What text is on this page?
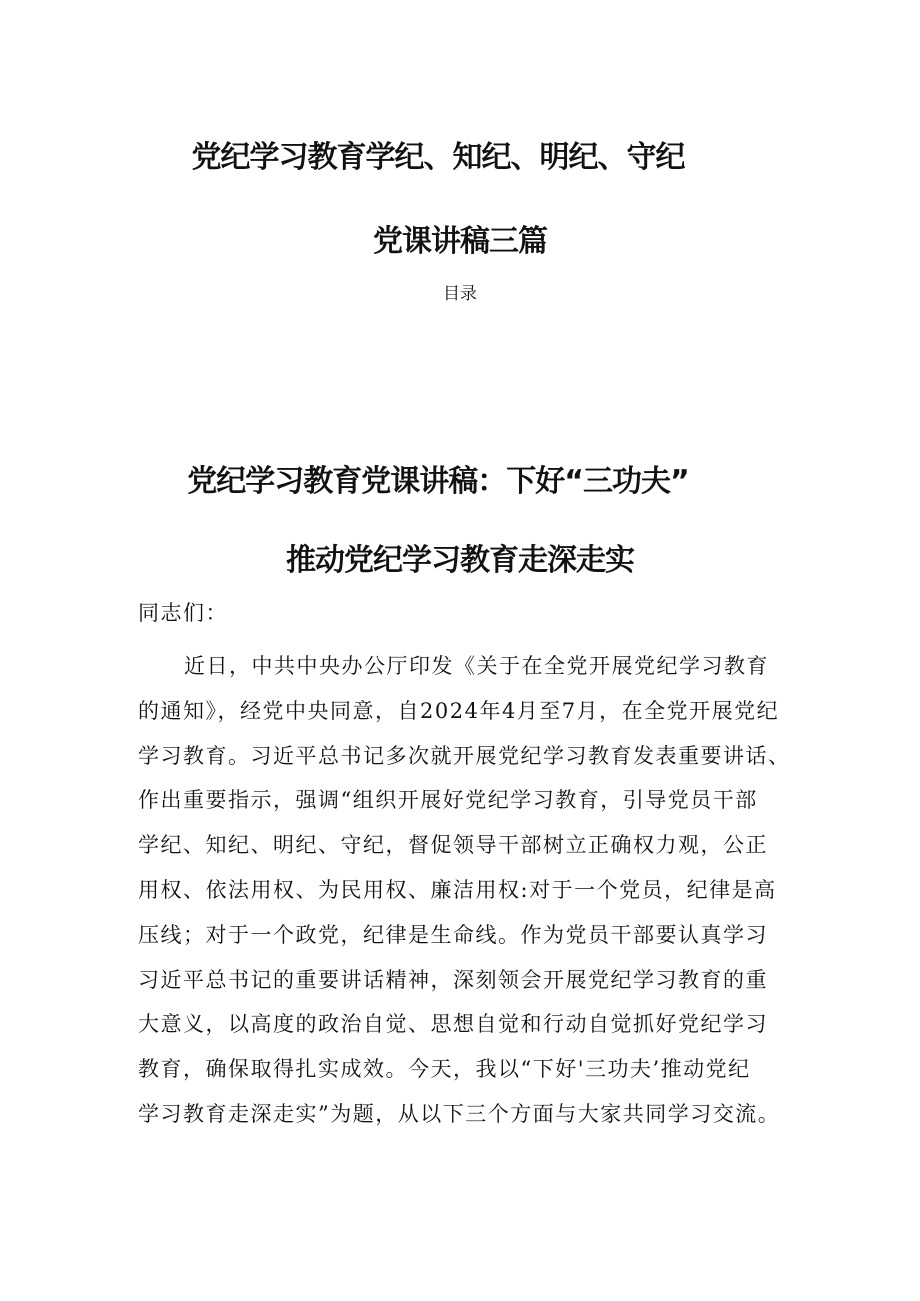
党纪学习教育学纪、知纪、明纪、守纪
党课讲稿三篇
目录
党纪学习教育党课讲稿：下好“三功夫”
推动党纪学习教育走深走实
同志们：
近日，中共中央办公厅印发《关于在全党开展党纪学习教育
的通知》，经党中央同意，自2024年4月至7月，在全党开展党纪
学习教育。习近平总书记多次就开展党纪学习教育发表重要讲话、
作出重要指示，强调“组织开展好党纪学习教育，引导党员干部
学纪、知纪、明纪、守纪，督促领导干部树立正确权力观，公正
用权、依法用权、为民用权、廉洁用权:对于一个党员，纪律是高
压线；对于一个政党，纪律是生命线。作为党员干部要认真学习
习近平总书记的重要讲话精神，深刻领会开展党纪学习教育的重
大意义，以高度的政治自觉、思想自觉和行动自觉抓好党纪学习
教育，确保取得扎实成效。今天，我以“下好'三功夫’推动党纪
学习教育走深走实”为题，从以下三个方面与大家共同学习交流。
